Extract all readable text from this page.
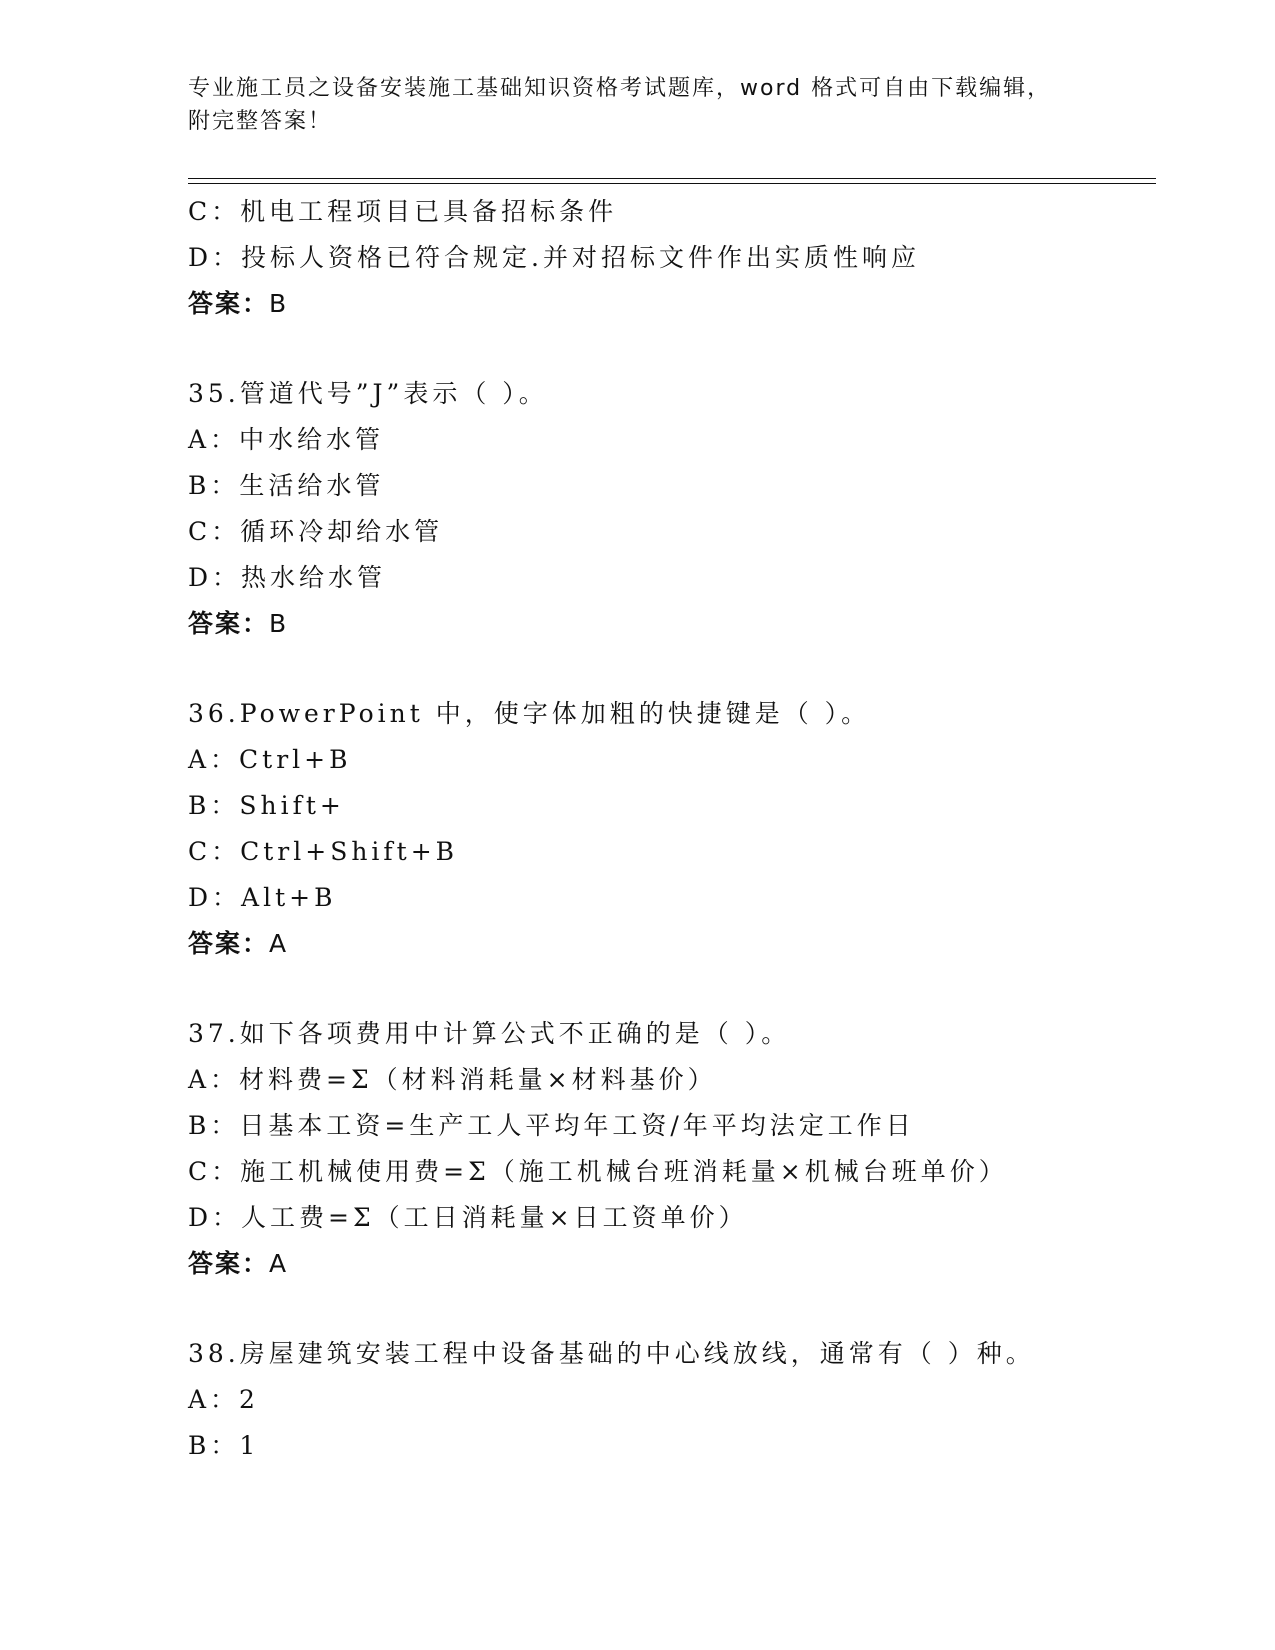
专业施工员之设备安装施工基础知识资格考试题库，word 格式可自由下载编辑，
附完整答案！
C：机电工程项目已具备招标条件
D：投标人资格已符合规定.并对招标文件作出实质性响应
答案：B
35.管道代号”J”表示（ ）。
A：中水给水管
B：生活给水管
C：循环冷却给水管
D：热水给水管
答案：B
36.PowerPoint 中，使字体加粗的快捷键是（ ）。
A：Ctrl+B
B：Shift+
C：Ctrl+Shift+B
D：Alt+B
答案：A
37.如下各项费用中计算公式不正确的是（ ）。
A：材料费=Σ（材料消耗量×材料基价）
B：日基本工资=生产工人平均年工资/年平均法定工作日
C：施工机械使用费=Σ（施工机械台班消耗量×机械台班单价）
D：人工费=Σ（工日消耗量×日工资单价）
答案：A
38.房屋建筑安装工程中设备基础的中心线放线，通常有（ ）种。
A：2
B：1
